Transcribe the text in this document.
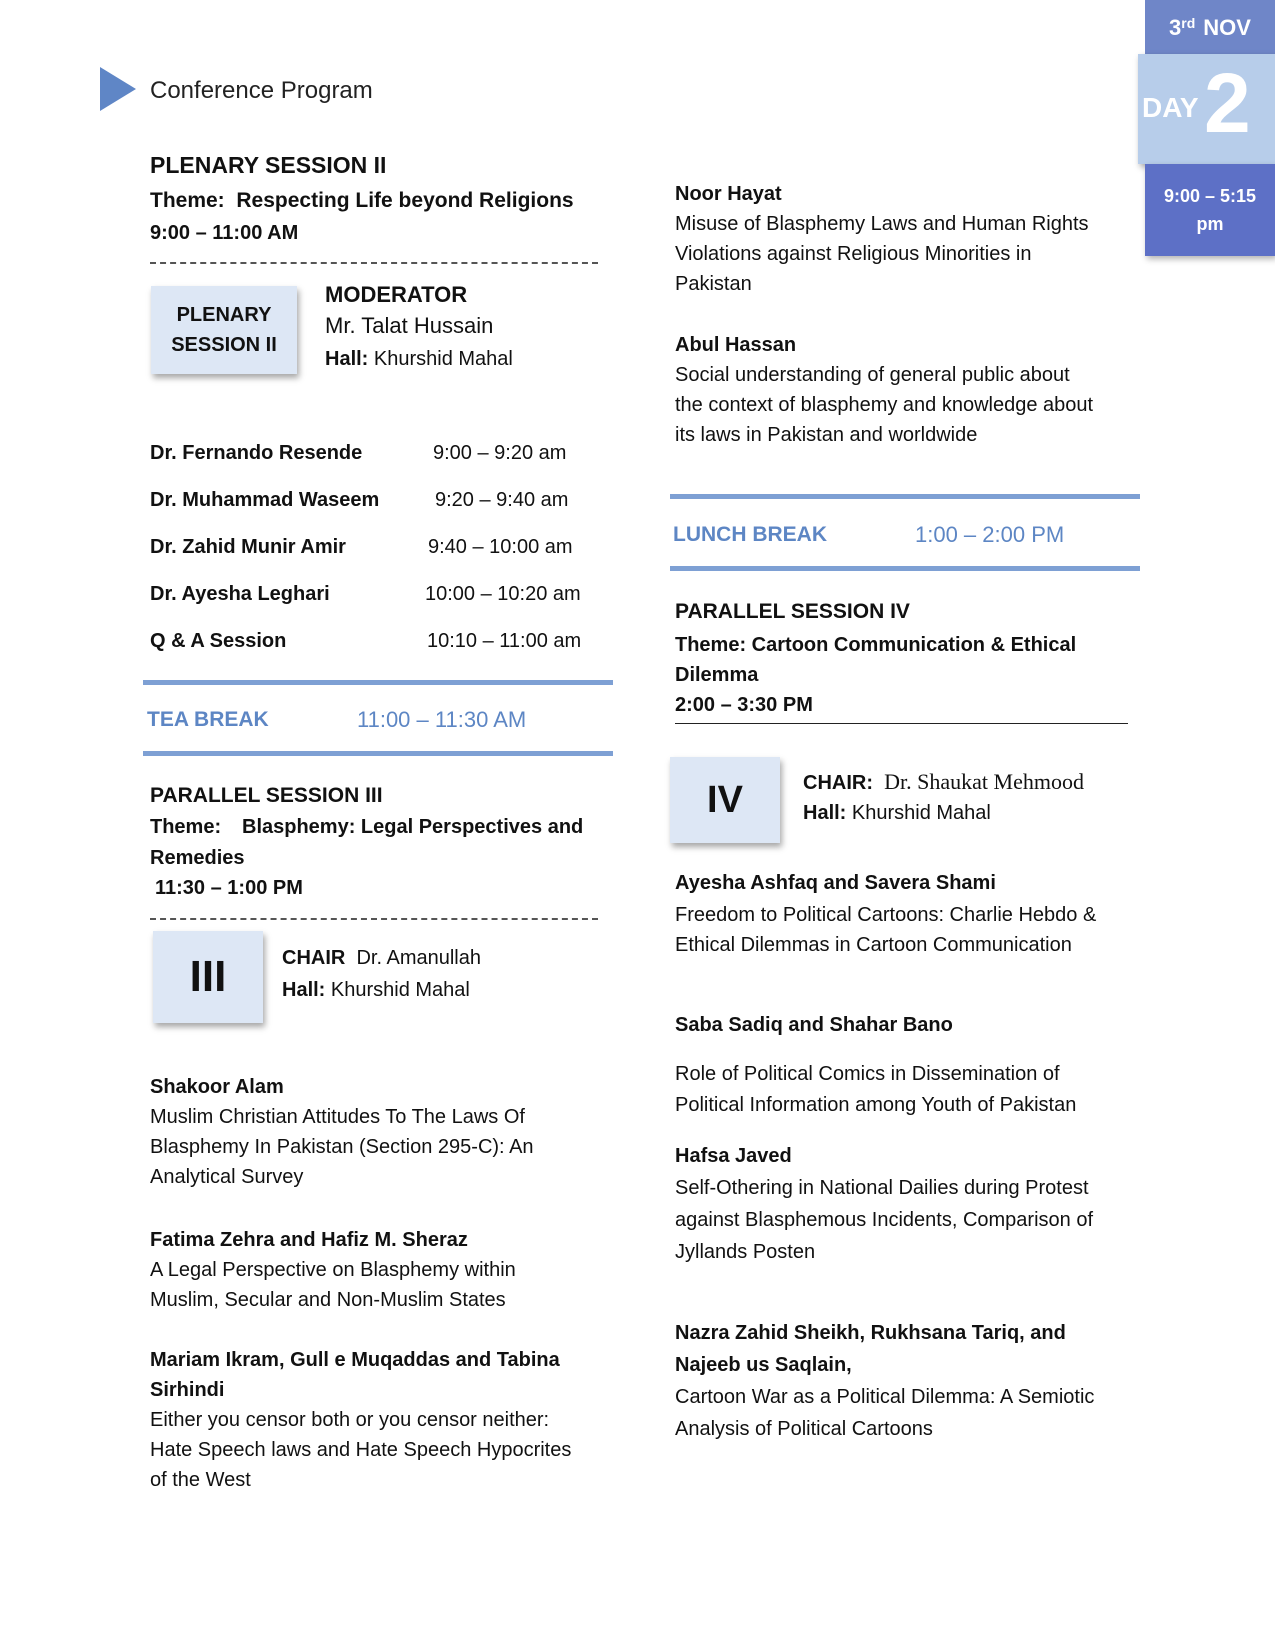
Conference Program
3rd NOV
DAY 2
9:00 – 5:15
pm
PLENARY SESSION II
Theme: Respecting Life beyond Religions
9:00 – 11:00 AM
PLENARY
SESSION II
MODERATOR
Mr. Talat Hussain
Hall: Khurshid Mahal
Dr. Fernando Resende	9:00 – 9:20 am
Dr. Muhammad Waseem	9:20 – 9:40 am
Dr. Zahid Munir Amir	9:40 – 10:00 am
Dr. Ayesha Leghari	10:00 – 10:20 am
Q & A Session	10:10 – 11:00 am
TEA BREAK	11:00 – 11:30 AM
PARALLEL SESSION III
Theme: Blasphemy: Legal Perspectives and
Remedies
11:30 – 1:00 PM
III	CHAIR Dr. Amanullah
Hall: Khurshid Mahal
Shakoor Alam
Muslim Christian Attitudes To The Laws Of
Blasphemy In Pakistan (Section 295-C): An
Analytical Survey
Fatima Zehra and Hafiz M. Sheraz
A Legal Perspective on Blasphemy within
Muslim, Secular and Non-Muslim States
Mariam Ikram, Gull e Muqaddas and Tabina
Sirhindi
Either you censor both or you censor neither:
Hate Speech laws and Hate Speech Hypocrites
of the West
Noor Hayat
Misuse of Blasphemy Laws and Human Rights
Violations against Religious Minorities in
Pakistan
Abul Hassan
Social understanding of general public about
the context of blasphemy and knowledge about
its laws in Pakistan and worldwide
LUNCH BREAK	1:00 – 2:00 PM
PARALLEL SESSION IV
Theme: Cartoon Communication & Ethical
Dilemma
2:00 – 3:30 PM
IV	CHAIR: Dr. Shaukat Mehmood
Hall: Khurshid Mahal
Ayesha Ashfaq and Savera Shami
Freedom to Political Cartoons: Charlie Hebdo &
Ethical Dilemmas in Cartoon Communication
Saba Sadiq and Shahar Bano
Role of Political Comics in Dissemination of
Political Information among Youth of Pakistan
Hafsa Javed
Self-Othering in National Dailies during Protest
against Blasphemous Incidents, Comparison of
Jyllands Posten
Nazra Zahid Sheikh, Rukhsana Tariq, and
Najeeb us Saqlain,
Cartoon War as a Political Dilemma: A Semiotic
Analysis of Political Cartoons
